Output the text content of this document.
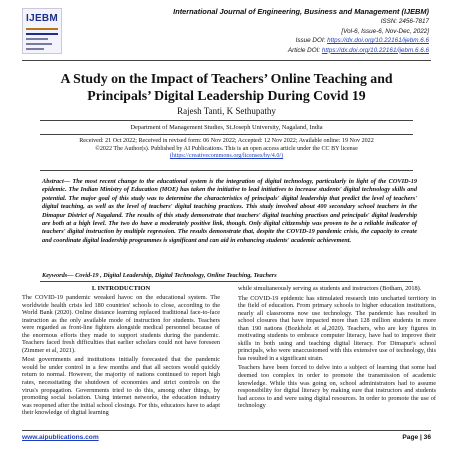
IJEBM
International Journal of Engineering, Business and Management (IJEBM)
ISSN: 2456-7817
[Vol-6, Issue-6, Nov-Dec, 2022]
Issue DOI: https://dx.doi.org/10.22161/ijebm.6.6
Article DOI: https://dx.doi.org/10.22161/ijebm.6.6.6
A Study on the Impact of Teachers’ Online Teaching and Principals’ Digital Leadership During Covid 19
Rajesh Tanti, K Sethupathy
Department of Management Studies, St.Joseph University, Nagaland, India
Received: 21 Oct 2022; Received in revised form: 06 Nov 2022; Accepted: 12 Nov 2022; Available online: 19 Nov 2022
©2022 The Author(s). Published by AI Publications. This is an open access article under the CC BY license
(https://creativecommons.org/licenses/by/4.0/)
Abstract— The most recent change to the educational system is the integration of digital technology, particularly in light of the COVID-19 epidemic. The Indian Ministry of Education (MOE) has taken the initiative to lead initiatives to increase students' digital technology skills and potential. The major goal of this study was to determine the characteristics of principals' digital leadership that predict the level of teachers' digital teaching, as well as the level of teachers' digital teaching practices. This study involved about 400 secondary school teachers in the Dimapur District of Nagaland. The results of this study demonstrate that teachers' digital teaching practises and principals' digital leadership are both at a high level. The two do have a moderately positive link, though. Only digital citizenship was proven to be a reliable indicator of teachers' digital instruction by multiple regression. The results demonstrate that, despite the COVID-19 pandemic crisis, the capacity to create and coordinate digital leadership programmes is significant and can aid in enhancing students' academic achievement.
Keywords— Covid-19 , Digital Leadership, Digital Technology, Online Teaching, Teachers
I. INTRODUCTION

The COVID-19 pandemic wreaked havoc on the educational system. The worldwide health crisis led 180 countries' schools to close, according to the World Bank (2020). Online distance learning replaced traditional face-to-face instruction as the only available mode of instruction for students. Teachers were regarded as front-line fighters alongside medical personnel because of the enormous efforts they made to support students during the pandemic. Teachers faced fresh difficulties that earlier scholars could not have foreseen (Zimmer et al, 2021).

Most governments and institutions initially forecasted that the pandemic would be under control in a few months and that all sectors would quickly return to normal. However, the majority of nations continued to report high rates, necessitating the shutdown of economies and strict controls on the virus's propagation. Governments tried to do this, among other things, by promoting social isolation. Using internet networks, the education industry was reopened after the initial school closings. For this, educators have to adapt their knowledge of digital learning

while simultaneously serving as students and instructors (Botham, 2018).

The COVID-19 epidemic has stimulated research into uncharted territory in the field of education. From primary schools to higher education institutions, nearly all classrooms now use technology. The pandemic has resulted in school closures that have impacted more than 128 million students in more than 190 nations (Bozkholz et al,2020). Teachers, who are key figures in motivating students to embrace computer literacy, have had to improve their skills in both using and teaching digital literacy. For Dimapur's school principals, who were unaccustomed with this extensive use of technology, this has resulted in a significant strain.

Teachers have been forced to delve into a subject of learning that some had deemed too complex in order to promote the transmission of academic knowledge. While this was going on, school administrators had to assume responsibility for digital literacy by making sure that instructors and students had access to and were using digital resources. In order to promote the use of technology

www.aipublications.com	Page | 36
